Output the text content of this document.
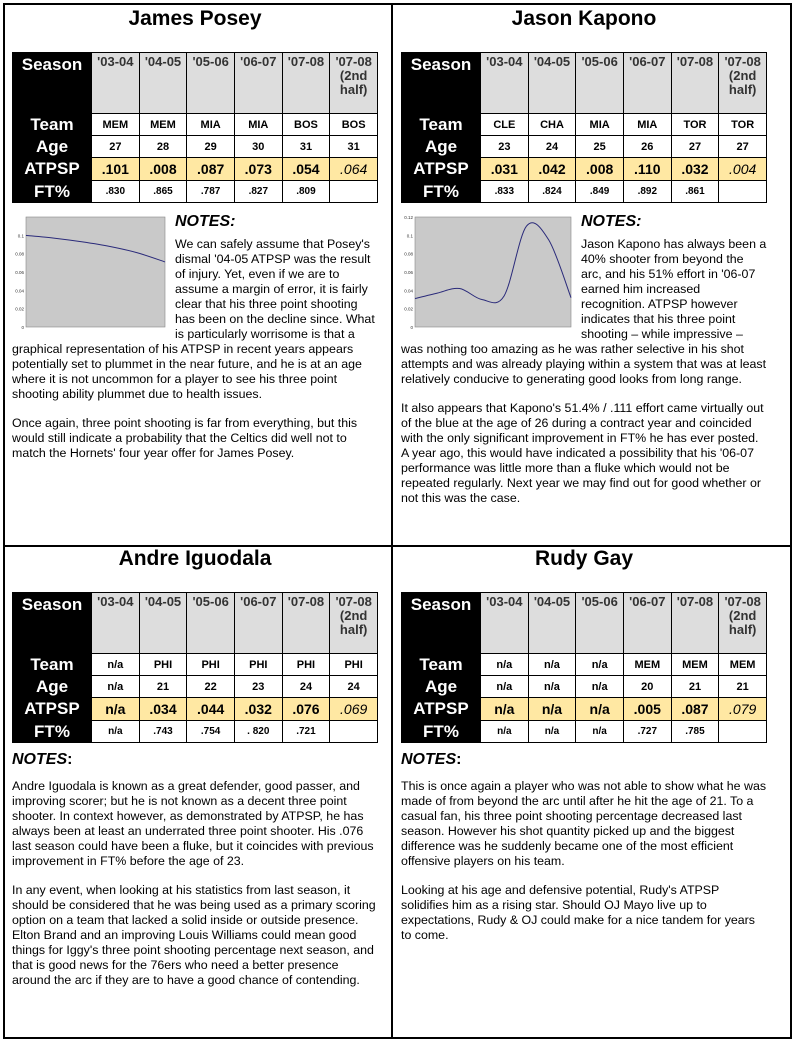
James Posey
Season	'03-04	'04-05	'05-06	'06-07	'07-08	'07-08 (2nd half)
Team	MEM	MEM	MIA	MIA	BOS	BOS
Age	27	28	29	30	31	31
ATPSP	.101	.008	.087	.073	.054	.064
FT%	.830	.865	.787	.827	.809	
0.1
0.08
0.06
0.04
0.02
0
NOTES:

We can safely assume that Posey's dismal '04-05 ATPSP was the result of injury. Yet, even if we are to assume a margin of error, it is fairly clear that his three point shooting has been on the decline since. What is particularly worrisome is that a graphical representation of his ATPSP in recent years appears potentially set to plummet in the near future, and he is at an age where it is not uncommon for a player to see his three point shooting ability plummet due to health issues.

Once again, three point shooting is far from everything, but this would still indicate a probability that the Celtics did well not to match the Hornets' four year offer for James Posey.

Jason Kapono
Season	'03-04	'04-05	'05-06	'06-07	'07-08	'07-08 (2nd half)
Team	CLE	CHA	MIA	MIA	TOR	TOR
Age	23	24	25	26	27	27
ATPSP	.031	.042	.008	.110	.032	.004
FT%	.833	.824	.849	.892	.861	
0.12
0.1
0.08
0.06
0.04
0.02
0
NOTES:

Jason Kapono has always been a 40% shooter from beyond the arc, and his 51% effort in '06-07 earned him increased recognition. ATPSP however indicates that his three point shooting – while impressive – was nothing too amazing as he was rather selective in his shot attempts and was already playing within a system that was at least relatively conducive to generating good looks from long range.

It also appears that Kapono's 51.4% / .111 effort came virtually out of the blue at the age of 26 during a contract year and coincided with the only significant improvement in FT% he has ever posted. A year ago, this would have indicated a possibility that his '06-07 performance was little more than a fluke which would not be repeated regularly. Next year we may find out for good whether or not this was the case.

Andre Iguodala
Season	'03-04	'04-05	'05-06	'06-07	'07-08	'07-08 (2nd half)
Team	n/a	PHI	PHI	PHI	PHI	PHI
Age	n/a	21	22	23	24	24
ATPSP	n/a	.034	.044	.032	.076	.069
FT%	n/a	.743	.754	. 820	.721	
NOTES:

Andre Iguodala is known as a great defender, good passer, and improving scorer; but he is not known as a decent three point shooter. In context however, as demonstrated by ATPSP, he has always been at least an underrated three point shooter. His .076 last season could have been a fluke, but it coincides with previous improvement in FT% before the age of 23.

In any event, when looking at his statistics from last season, it should be considered that he was being used as a primary scoring option on a team that lacked a solid inside or outside presence. Elton Brand and an improving Louis Williams could mean good things for Iggy's three point shooting percentage next season, and that is good news for the 76ers who need a better presence around the arc if they are to have a good chance of contending.

Rudy Gay
Season	'03-04	'04-05	'05-06	'06-07	'07-08	'07-08 (2nd half)
Team	n/a	n/a	n/a	MEM	MEM	MEM
Age	n/a	n/a	n/a	20	21	21
ATPSP	n/a	n/a	n/a	.005	.087	.079
FT%	n/a	n/a	n/a	.727	.785	
NOTES:

This is once again a player who was not able to show what he was made of from beyond the arc until after he hit the age of 21. To a casual fan, his three point shooting percentage decreased last season. However his shot quantity picked up and the biggest difference was he suddenly became one of the most efficient offensive players on his team.

Looking at his age and defensive potential, Rudy's ATPSP solidifies him as a rising star. Should OJ Mayo live up to expectations, Rudy & OJ could make for a nice tandem for years to come.
